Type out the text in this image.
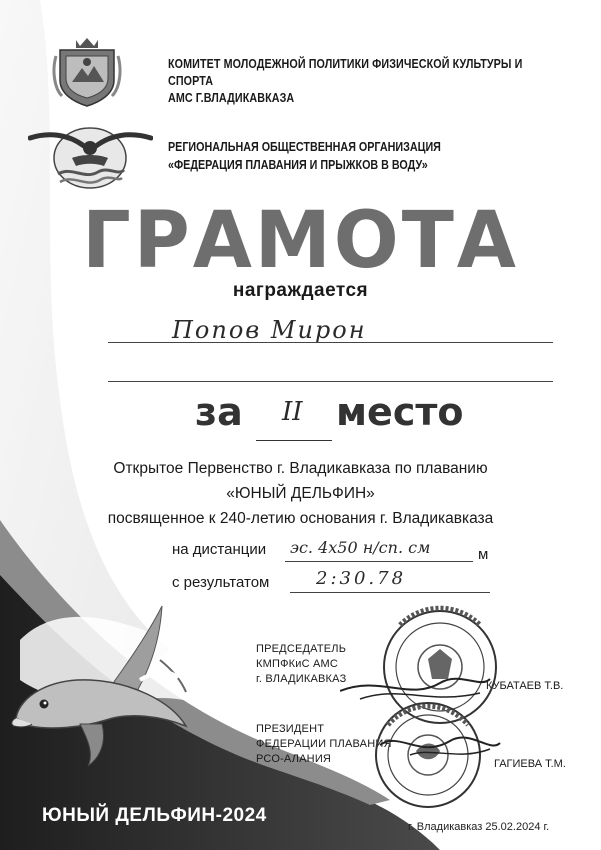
КОМИТЕТ МОЛОДЕЖНОЙ ПОЛИТИКИ ФИЗИЧЕСКОЙ КУЛЬТУРЫ И СПОРТА
АМС Г.ВЛАДИКАВКАЗА
РЕГИОНАЛЬНАЯ ОБЩЕСТВЕННАЯ ОРГАНИЗАЦИЯ
«ФЕДЕРАЦИЯ ПЛАВАНИЯ И ПРЫЖКОВ В ВОДУ»
ГРАМОТА
награждается
Попов Мирон
за II место
Открытое Первенство г. Владикавказа по плаванию
«ЮНЫЙ ДЕЛЬФИН»
посвященное к 240-летию основания г. Владикавказа
на дистанции эс. 4х50 н/сп. см	м
с результатом	2:30.78
ПРЕДСЕДАТЕЛЬ
КМПФКиС АМС
г. ВЛАДИКАВКАЗ
КУБАТАЕВ Т.В.
ПРЕЗИДЕНТ
ФЕДЕРАЦИИ ПЛАВАНИЯ
РСО-АЛАНИЯ	ГАГИЕВА Т.М.
ЮНЫЙ ДЕЛЬФИН-2024
г. Владикавказ 25.02.2024 г.
